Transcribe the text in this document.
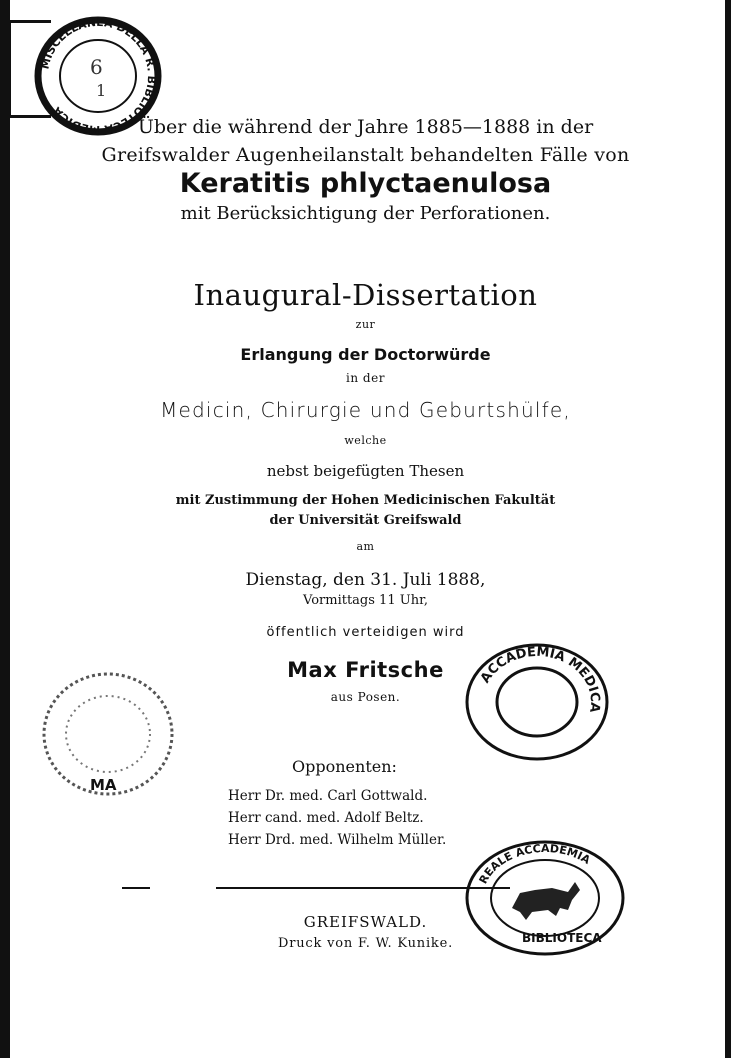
MISCELLANEA DELLA R. BIBLIOTECA MEDICA
6
1
Über die während der Jahre 1885—1888 in der
Greifswalder Augenheilanstalt behandelten Fälle von
Keratitis phlyctaenulosa
mit Berücksichtigung der Perforationen.
Inaugural-Dissertation
zur
Erlangung der Doctorwürde
in der
Medicin, Chirurgie und Geburtshülfe,
welche
nebst beigefügten Thesen
mit Zustimmung der Hohen Medicinischen Fakultät
der Universität Greifswald
am
Dienstag, den 31. Juli 1888,
Vormittags 11 Uhr,
öffentlich verteidigen wird
Max Fritsche
aus Posen.
Opponenten:
Herr Dr. med. Carl Gottwald.
Herr cand. med. Adolf Beltz.
Herr Drd. med. Wilhelm Müller.
GREIFSWALD.
Druck von F. W. Kunike.
MA
ACCADEMIA MEDICA
REALE ACCADEMIA
BIBLIOTECA
